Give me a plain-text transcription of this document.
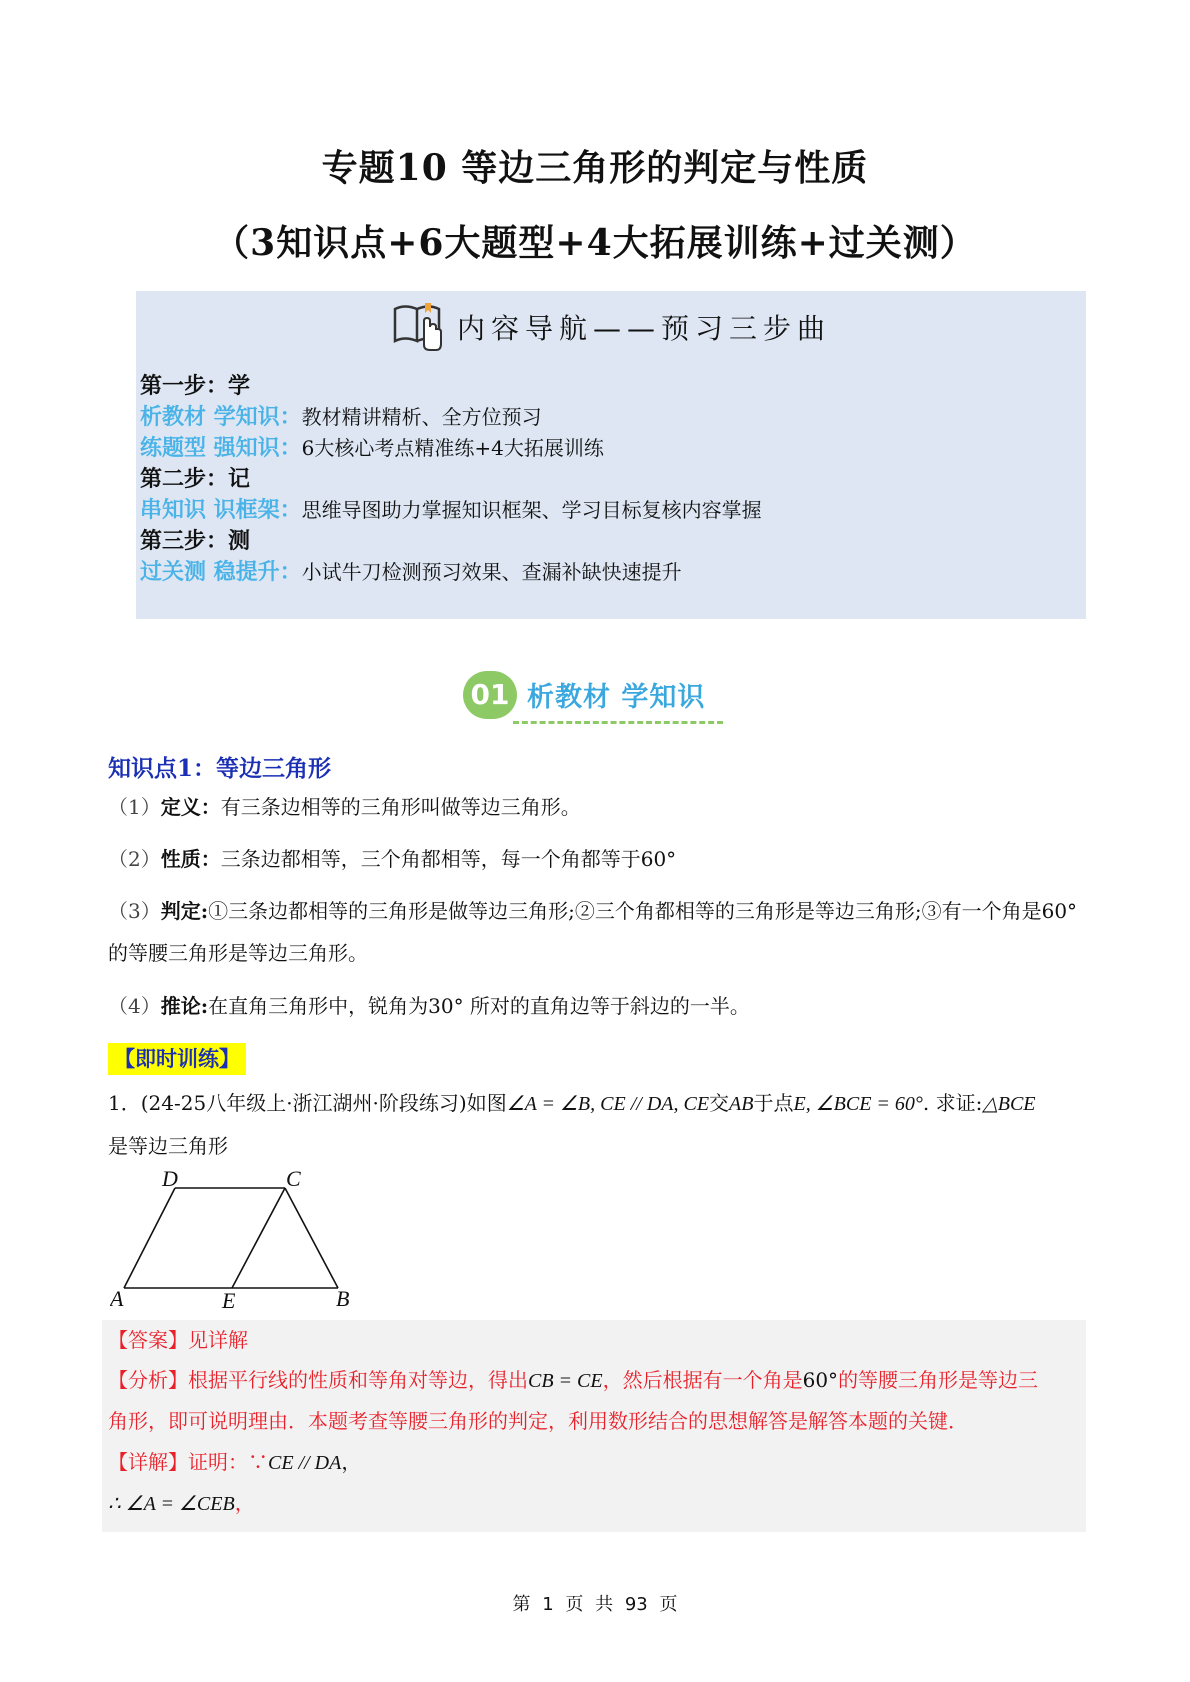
专题10 等边三角形的判定与性质
（3知识点+6大题型+4大拓展训练+过关测）
内容导航——预习三步曲
第一步：学
析教材 学知识：教材精讲精析、全方位预习
练题型 强知识：6大核心考点精准练+4大拓展训练
第二步：记
串知识 识框架：思维导图助力掌握知识框架、学习目标复核内容掌握
第三步：测
过关测 稳提升：小试牛刀检测预习效果、查漏补缺快速提升
01 析教材 学知识
知识点1：等边三角形
（1）定义：有三条边相等的三角形叫做等边三角形。
（2）性质：三条边都相等，三个角都相等，每一个角都等于60°
（3）判定:①三条边都相等的三角形是做等边三角形;②三个角都相等的三角形是等边三角形;③有一个角是60° 的等腰三角形是等边三角形。
（4）推论:在直角三角形中，锐角为30° 所对的直角边等于斜边的一半。
【即时训练】
1．(24-25八年级上·浙江湖州·阶段练习)如图∠A = ∠B, CE // DA, CE交AB于点E, ∠BCE = 60°. 求证:△BCE
是等边三角形
D	C
A	E	B
【答案】见详解
【分析】根据平行线的性质和等角对等边，得出CB = CE，然后根据有一个角是60°的等腰三角形是等边三
角形，即可说明理由．本题考查等腰三角形的判定，利用数形结合的思想解答是解答本题的关键．
【详解】证明：∵CE // DA，
∴ ∠A = ∠CEB，
第 1 页 共 93 页
